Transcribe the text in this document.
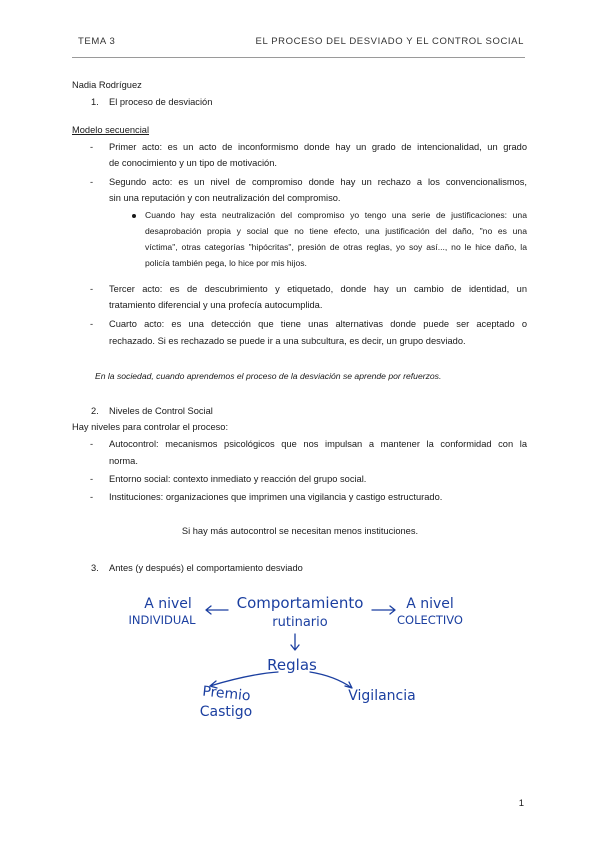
TEMA 3	EL PROCESO DEL DESVIADO Y EL CONTROL SOCIAL
Nadia Rodríguez
1. El proceso de desviación
Modelo secuencial
- Primer acto: es un acto de inconformismo donde hay un grado de intencionalidad, un grado
de conocimiento y un tipo de motivación.
- Segundo acto: es un nivel de compromiso donde hay un rechazo a los convencionalismos,
sin una reputación y con neutralización del compromiso.
Cuando hay esta neutralización del compromiso yo tengo una serie de justificaciones: una
desaprobación propia y social que no tiene efecto, una justificación del daño, "no es una
víctima", otras categorías "hipócritas", presión de otras reglas, yo soy así..., no le hice daño, la
policía también pega, lo hice por mis hijos.
- Tercer acto: es de descubrimiento y etiquetado, donde hay un cambio de identidad, un
tratamiento diferencial y una profecía autocumplida.
- Cuarto acto: es una detección que tiene unas alternativas donde puede ser aceptado o
rechazado. Si es rechazado se puede ir a una subcultura, es decir, un grupo desviado.
En la sociedad, cuando aprendemos el proceso de la desviación se aprende por refuerzos.
2. Niveles de Control Social
Hay niveles para controlar el proceso:
- Autocontrol: mecanismos psicológicos que nos impulsan a mantener la conformidad con la
norma.
- Entorno social: contexto inmediato y reacción del grupo social.
- Instituciones: organizaciones que imprimen una vigilancia y castigo estructurado.
Si hay más autocontrol se necesitan menos instituciones.
3. Antes (y después) el comportamiento desviado
Comportamiento
rutinario
A nivel
INDIVIDUAL
A nivel
COLECTIVO
Reglas
Premio
Castigo
Vigilancia
1
